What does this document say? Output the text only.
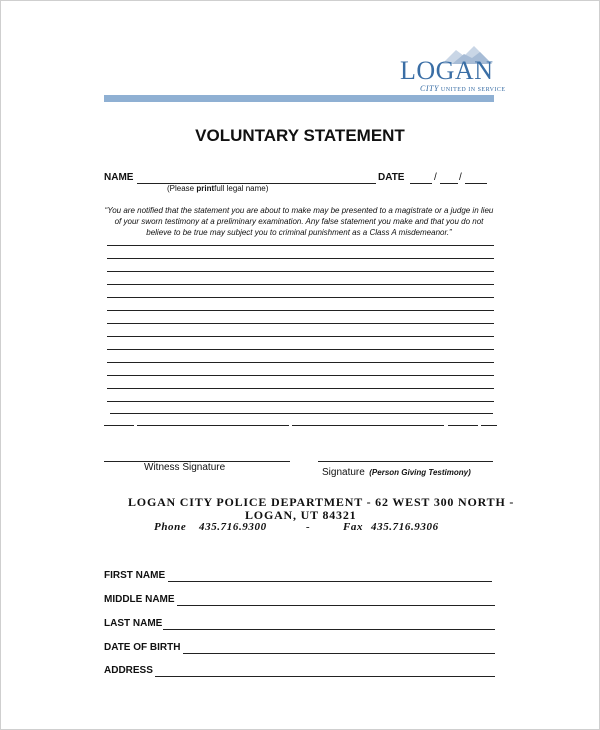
LOGAN
CITY UNITED IN SERVICE
VOLUNTARY STATEMENT
NAME	DATE	/ /
(Please printfull legal name)
“You are notified that the statement you are about to make may be presented to a magistrate or a judge in lieu of your sworn testimony at a preliminary examination. Any false statement you make and that you do not believe to be true may subject you to criminal punishment as a Class A misdemeanor.”
Witness Signature	Signature (Person Giving Testimony)
LOGAN CITY POLICE DEPARTMENT - 62 WEST 300 NORTH -
LOGAN, UT 84321
Phone 435.716.9300	-	Fax 435.716.9306
FIRST NAME
MIDDLE NAME
LAST NAME
DATE OF BIRTH
ADDRESS
